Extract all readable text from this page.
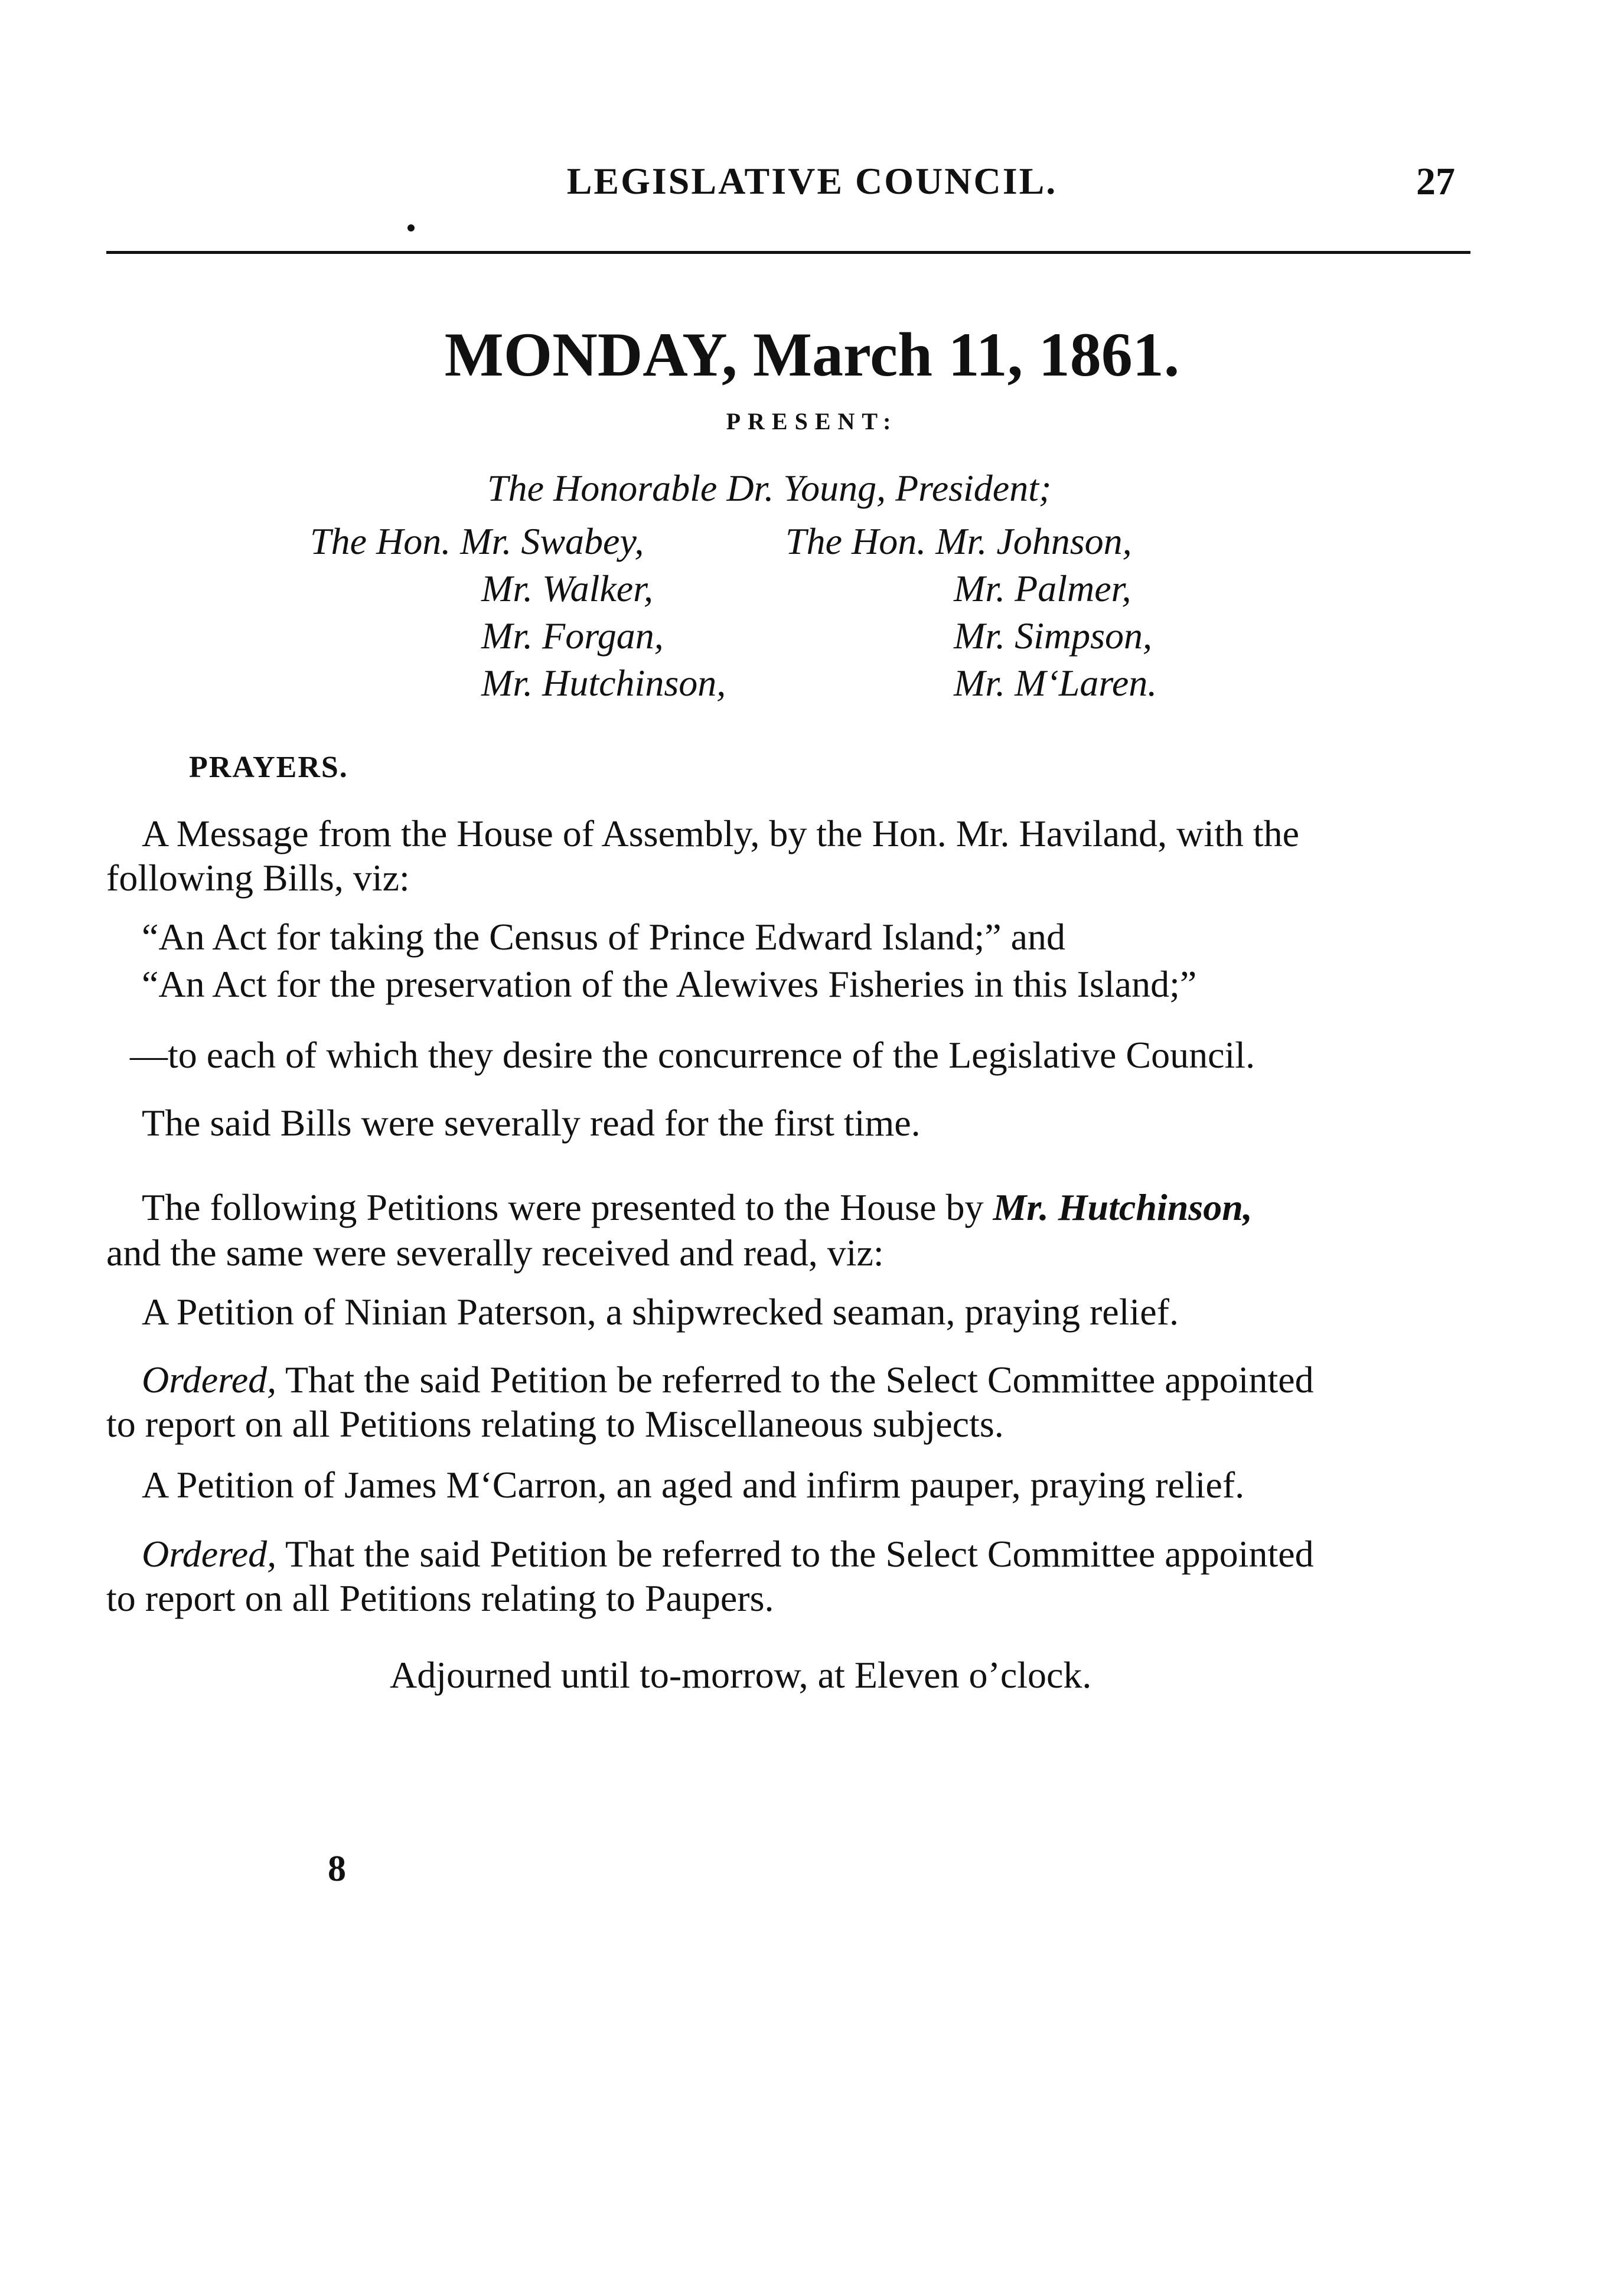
LEGISLATIVE COUNCIL.	27
MONDAY, March 11, 1861.
PRESENT:
The Honorable Dr. Young, President;
The Hon. Mr. Swabey,
Mr. Walker,
Mr. Forgan,
Mr. Hutchinson,
The Hon. Mr. Johnson,
Mr. Palmer,
Mr. Simpson,
Mr. M‘Laren.
PRAYERS.
A Message from the House of Assembly, by the Hon. Mr. Haviland, with the
following Bills, viz:
“An Act for taking the Census of Prince Edward Island;” and
“An Act for the preservation of the Alewives Fisheries in this Island;”
—to each of which they desire the concurrence of the Legislative Council.
The said Bills were severally read for the first time.
The following Petitions were presented to the House by Mr. Hutchinson,
and the same were severally received and read, viz:
A Petition of Ninian Paterson, a shipwrecked seaman, praying relief.
Ordered, That the said Petition be referred to the Select Committee appointed
to report on all Petitions relating to Miscellaneous subjects.
A Petition of James M‘Carron, an aged and infirm pauper, praying relief.
Ordered, That the said Petition be referred to the Select Committee appointed
to report on all Petitions relating to Paupers.
Adjourned until to-morrow, at Eleven o’clock.
8
